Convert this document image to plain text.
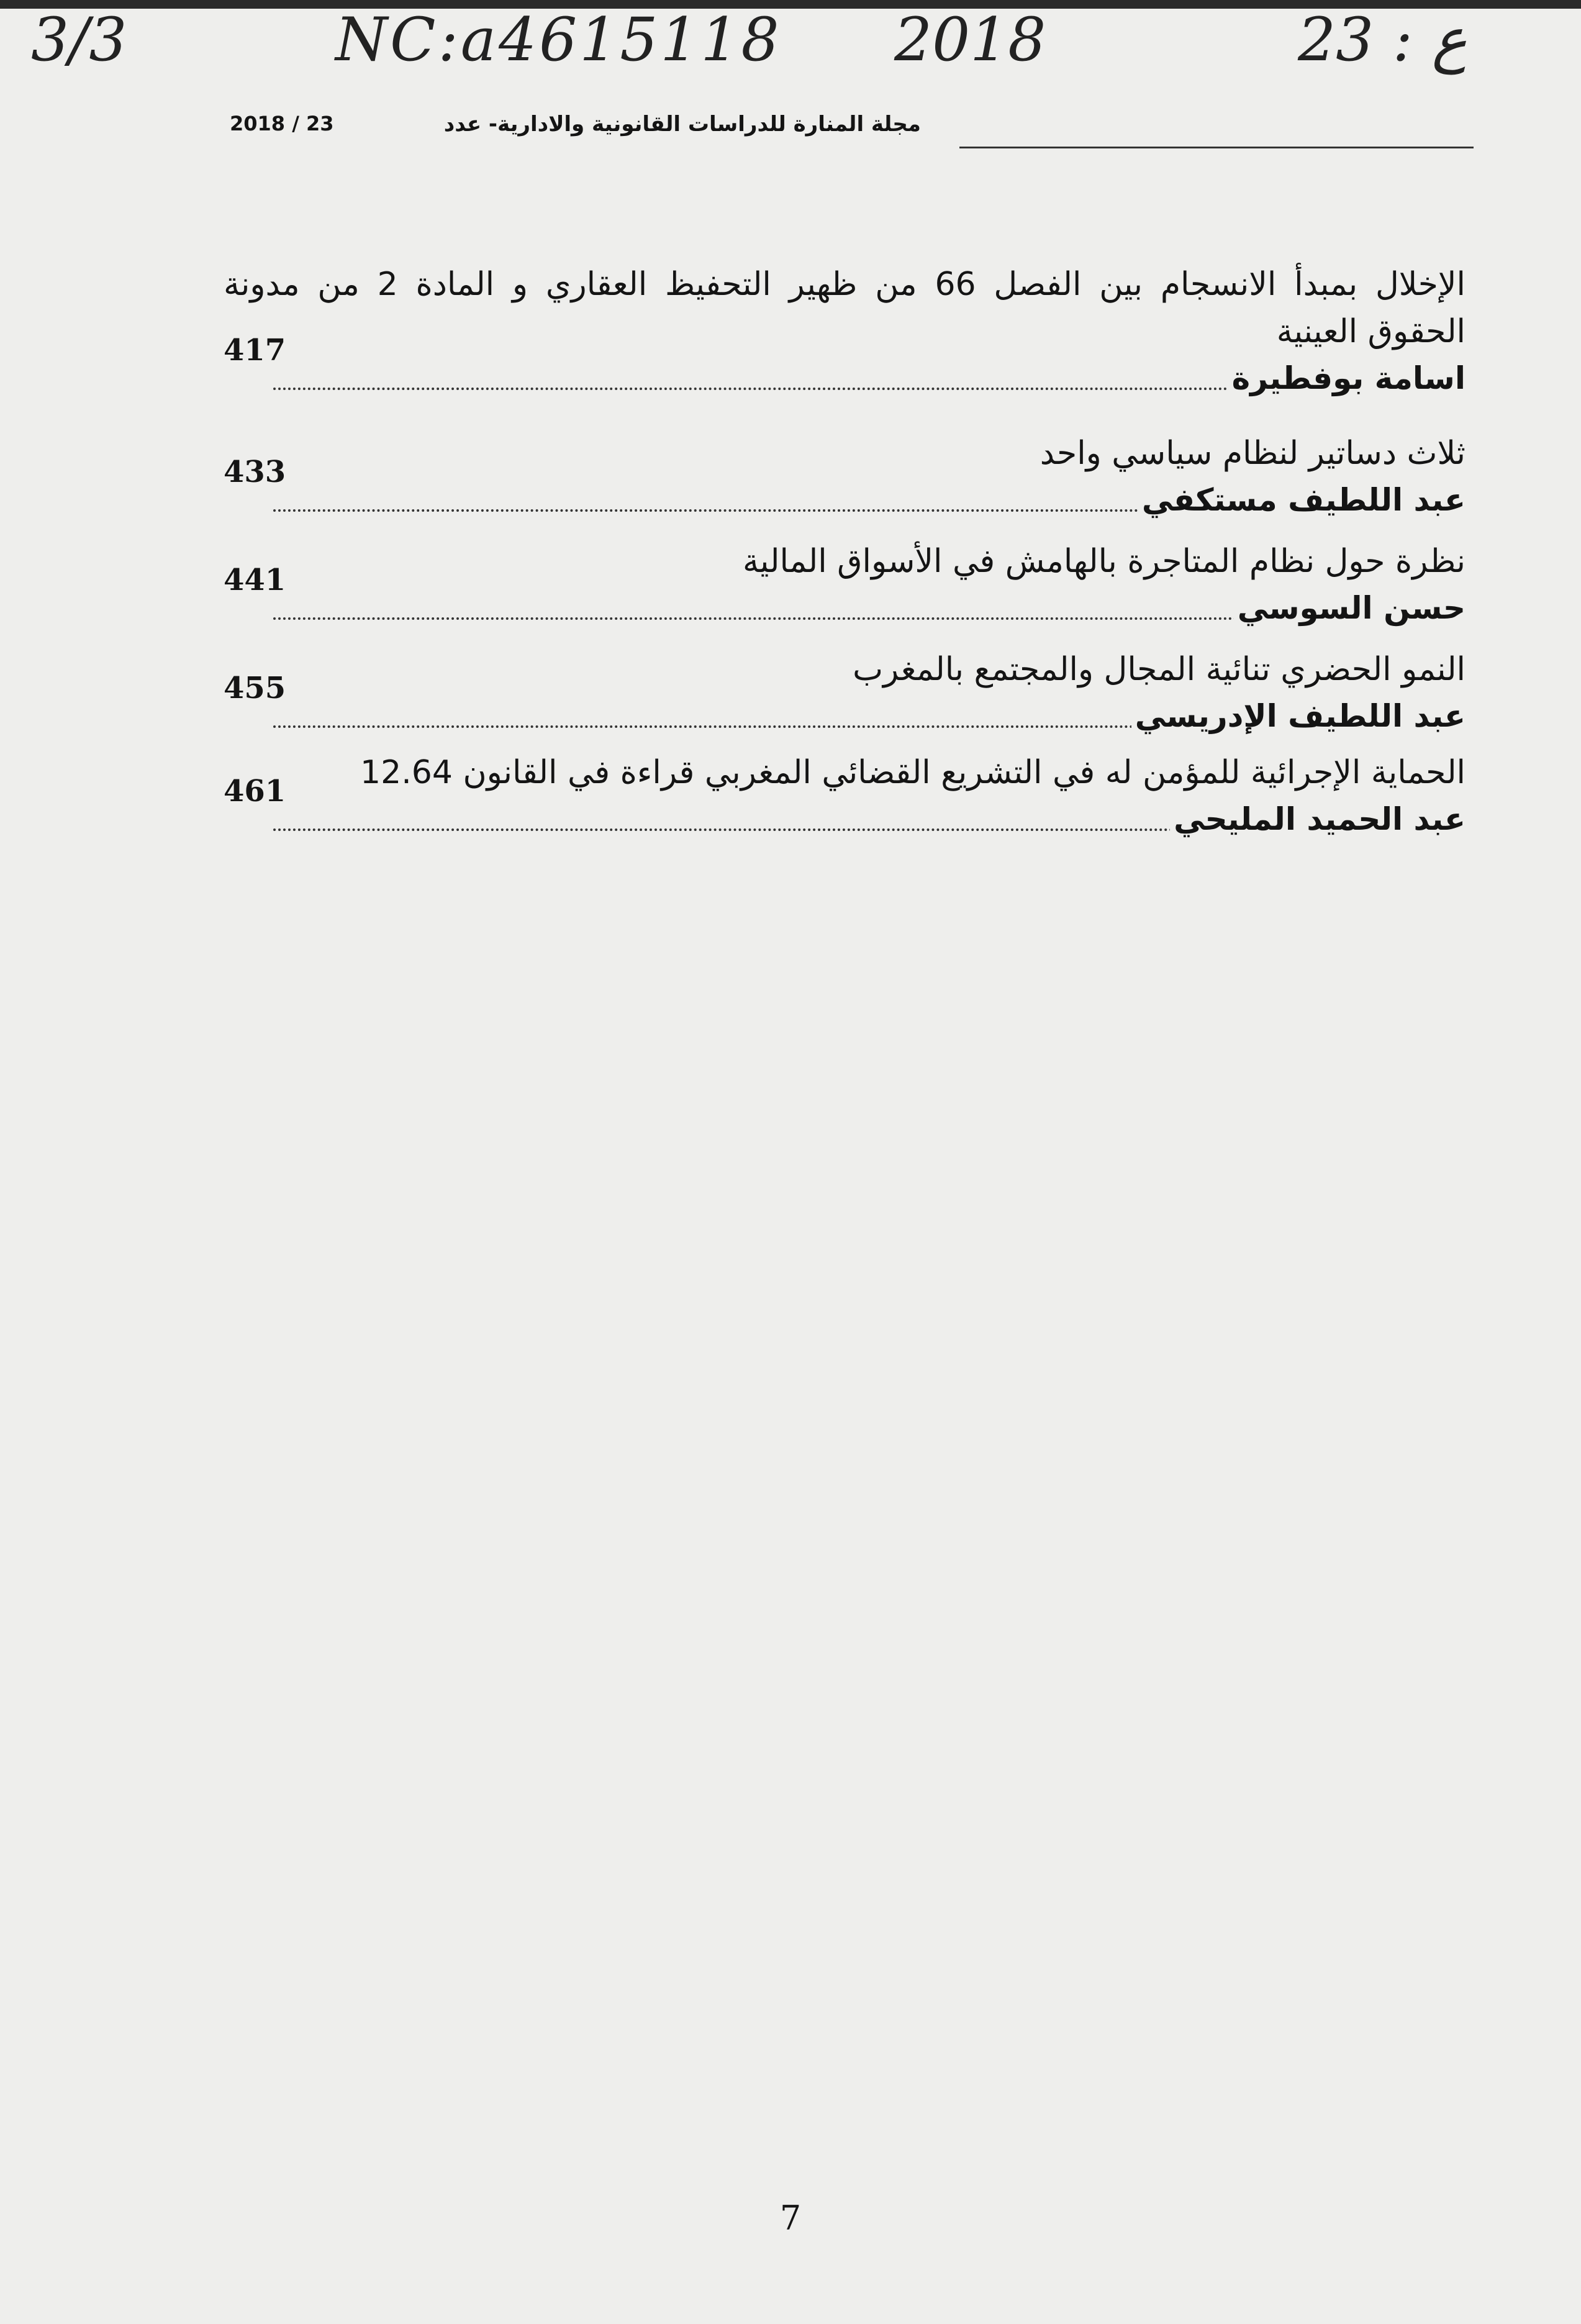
3/3	NC:a4615118 2018	23 : ع
مجلة المنارة للدراسات القانونية والادارية- عدد
2018 / 23
الإخلال بمبدأ الانسجام بين الفصل 66 من ظهير التحفيظ العقاري و المادة 2 من مدونة الحقوق العينية
اسامة بوفطيرة
417
ثلاث دساتير لنظام سياسي واحد
عبد اللطيف مستكفي
433
نظرة حول نظام المتاجرة بالهامش في الأسواق المالية
حسن السوسي
441
النمو الحضري تنائية المجال والمجتمع بالمغرب
عبد اللطيف الإدريسي
455
الحماية الإجرائية للمؤمن له في التشريع القضائي المغربي قراءة في القانون 12.64
عبد الحميد المليحي
461
7
